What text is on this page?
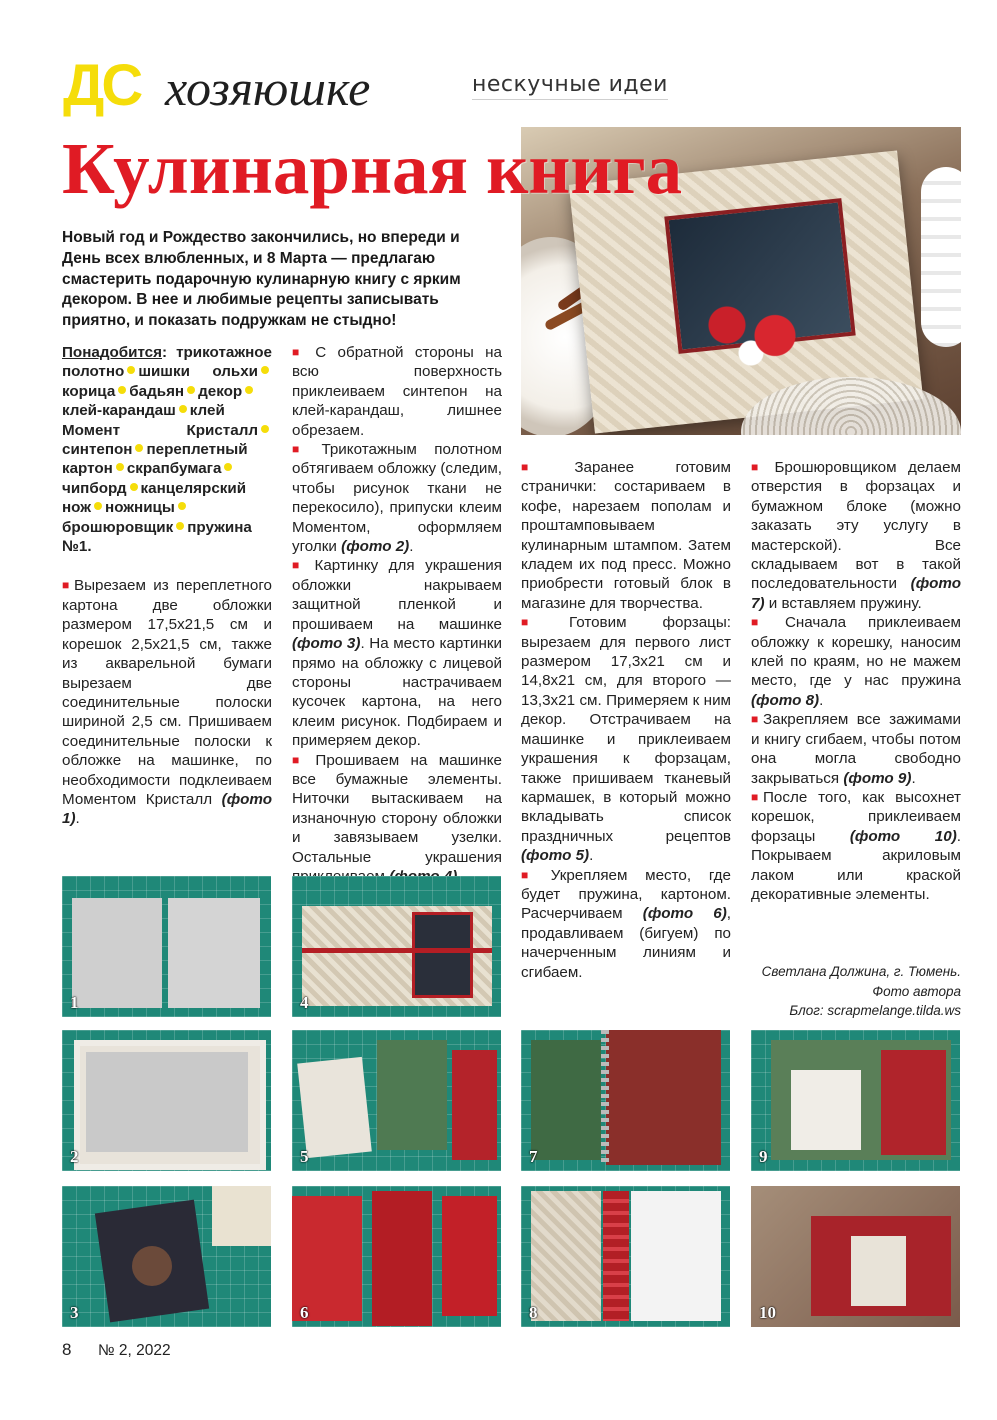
ДС хозяюшке	нескучные идеи
Кулинарная книга
Новый год и Рождество закончились, но впереди и День всех влюбленных, и 8 Марта — предлагаю смастерить подарочную кулинарную книгу с ярким декором. В нее и любимые рецепты записывать приятно, и показать подружкам не стыдно!
Понадобится: трикотажное полотно шишки ольхикорица бадьян декорклей-карандаш клей Момент Кристаллсинтепон переплетный картон скрапбумагачипборд канцелярский нож ножницыброшюровщик пружина №1.

■ Вырезаем из переплетного картона две обложки размером 17,5х21,5 см и корешок 2,5х21,5 см, также из акварельной бумаги вырезаем две соединительные полоски шириной 2,5 см. Пришиваем соединительные полоски к обложке на машинке, по необходимости подклеиваем Моментом Кристалл (фото 1).

■ С обратной стороны на всю поверхность приклеиваем синтепон на клей-карандаш, лишнее обрезаем.

■ Трикотажным полотном обтягиваем обложку (следим, чтобы рисунок ткани не перекосило), припуски клеим Моментом, оформляем уголки (фото 2).

■ Картинку для украшения обложки накрываем защитной пленкой и прошиваем на машинке (фото 3). На место картинки прямо на обложку с лицевой стороны настрачиваем кусочек картона, на него клеим рисунок. Подбираем и примеряем декор.

■ Прошиваем на машинке все бумажные элементы. Ниточки вытаскиваем на изнаночную сторону обложки и завязываем узелки. Остальные украшения

■	Заранее готовим странички: состариваем в кофе, нарезаем пополам и проштамповываем кулинарным штампом. Затем кладем их под пресс. Можно приобрести готовый блок в магазине для творчества.

■	Готовим форзацы: вырезаем для первого лист размером 17,3х21 см и 14,8х21 см, для второго — 13,3х21 см. Примеряем к ним декор. Отстрачиваем на машинке и приклеиваем украшения к форзацам, также пришиваем тканевый кармашек, в который можно вкладывать список праздничных рецептов (фото 5).

■ Укрепляем место, где будет пружина, картоном. Расчерчиваем (фото 6), продавливаем (бигуем) по начерченным линиям и сгибаем.

■ Брошюровщиком делаем отверстия в форзацах и бумажном блоке (можно заказать эту услугу в мастерской). Все складываем вот в такой последовательности (фото 7) и вставляем пружину.

■ Сначала приклеиваем обложку к корешку, наносим клей по краям, но не мажем место, где у нас пружина (фото 8).

■ Закрепляем все зажимами и книгу сгибаем, чтобы потом она могла свободно закрываться (фото 9).

■ После того, как высохнет корешок, приклеиваем форзацы (фото 10). Покрываем акриловым лаком или краской декоративные элементы.

Светлана Должина, г. Тюмень.
Фото автора
Блог: scrapmelange.tilda.ws
1
2
3
4
5
6
7
8
9
10
8 № 2, 2022
